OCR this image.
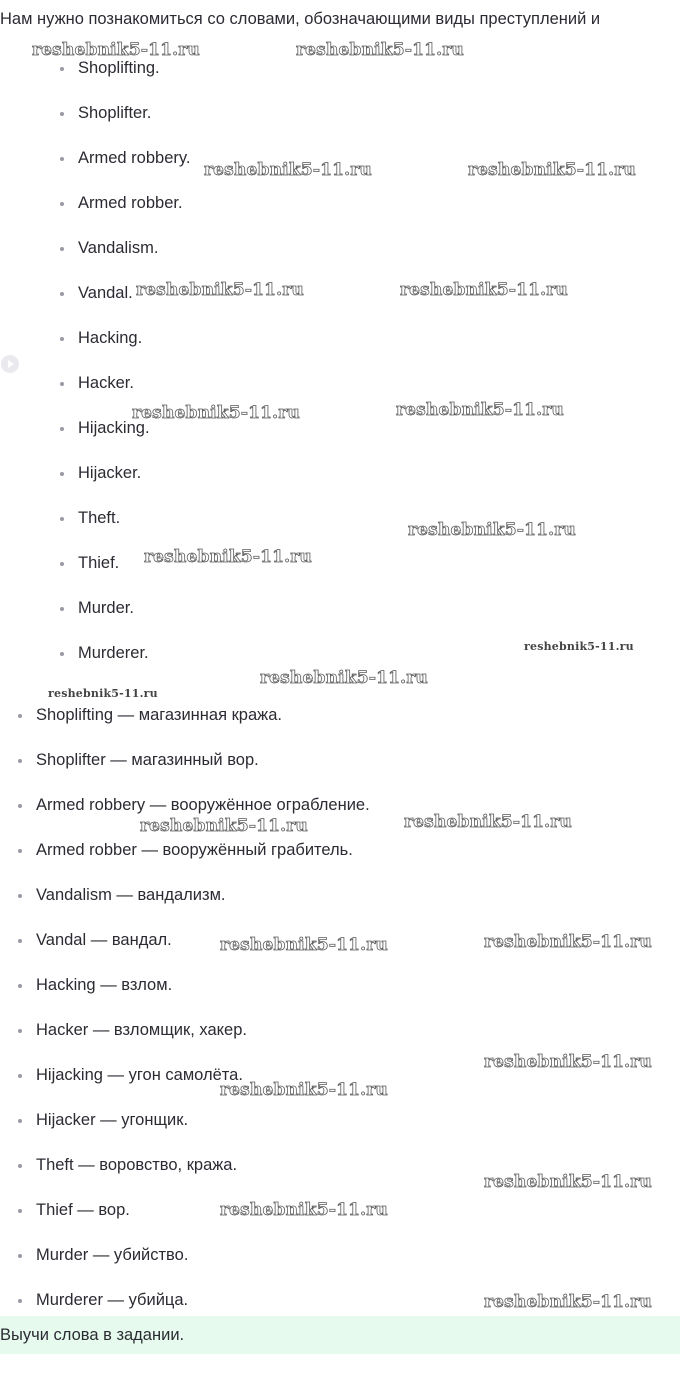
Нам нужно познакомиться со словами, обозначающими виды преступлений и
Shoplifting.
Shoplifter.
Armed robbery.
Armed robber.
Vandalism.
Vandal.
Hacking.
Hacker.
Hijacking.
Hijacker.
Theft.
Thief.
Murder.
Murderer.
Shoplifting — магазинная кража.
Shoplifter — магазинный вор.
Armed robbery — вооружённое ограбление.
Armed robber — вооружённый грабитель.
Vandalism — вандализм.
Vandal — вандал.
Hacking — взлом.
Hacker — взломщик, хакер.
Hijacking — угон самолёта.
Hijacker — угонщик.
Theft — воровство, кража.
Thief — вор.
Murder — убийство.
Murderer — убийца.
Выучи слова в задании.
reshebnik5-11.ru	reshebnik5-11.ru
reshebnik5-11.ru	reshebnik5-11.ru
reshebnik5-11.ru	reshebnik5-11.ru
reshebnik5-11.ru	reshebnik5-11.ru
reshebnik5-11.ru
reshebnik5-11.ru
reshebnik5-11.ru
reshebnik5-11.ru
reshebnik5-11.ru
reshebnik5-11.ru	reshebnik5-11.ru
reshebnik5-11.ru	reshebnik5-11.ru
reshebnik5-11.ru
reshebnik5-11.ru
reshebnik5-11.ru
reshebnik5-11.ru
reshebnik5-11.ru
